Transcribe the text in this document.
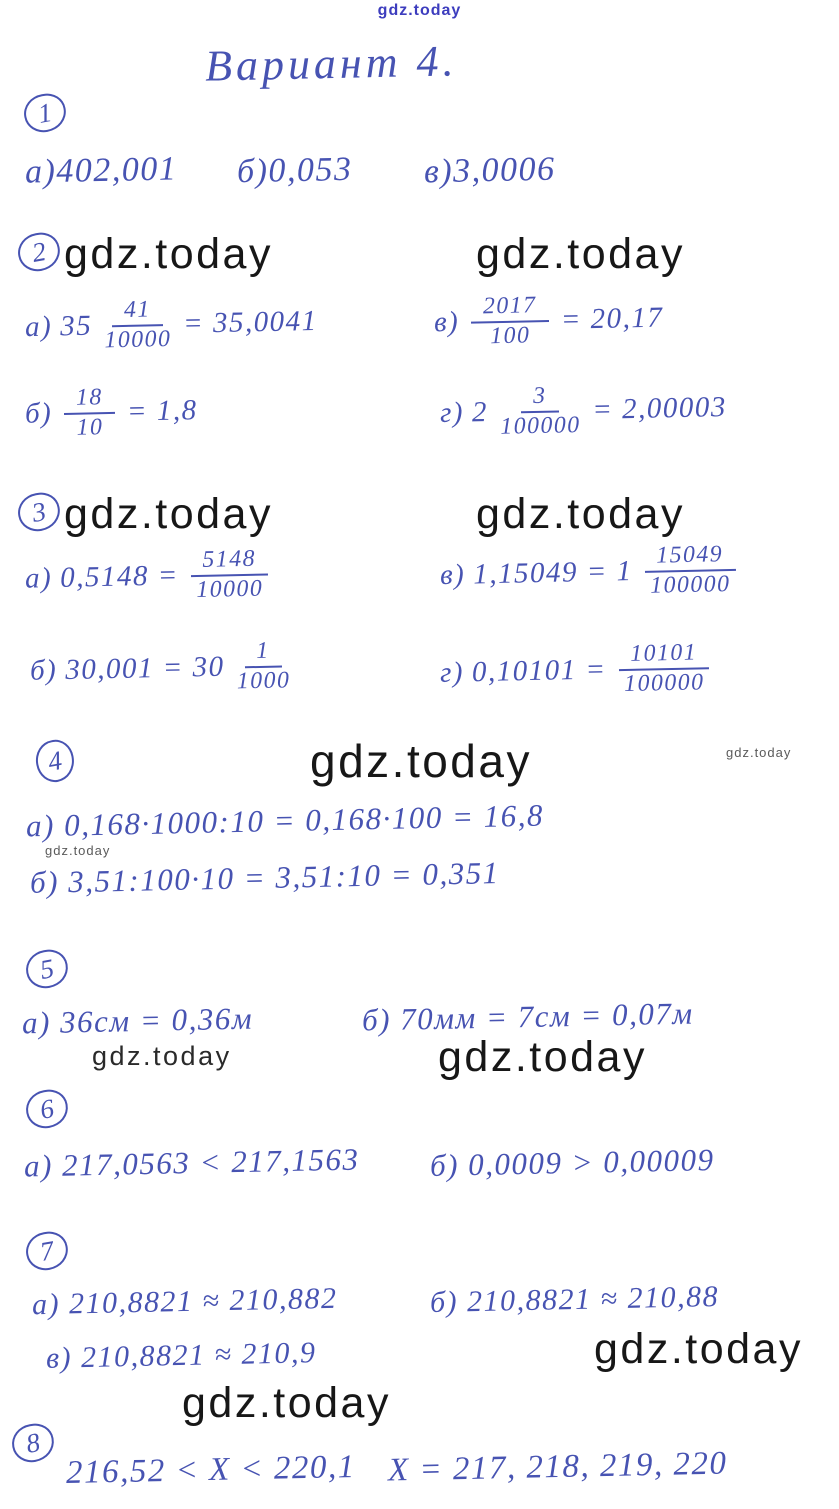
gdz.today
Вариант 4.
1
а)402,001 б)0,053 в)3,0006
2 gdz.today	gdz.today
а) $35 \frac{41}{10000} = 35,0041$	$в) \frac{2017}{100} = 20,17$
$б) \frac{18}{10} = 1,8$	г) $2 \frac{3}{100000} = 2,00003$
3 gdz.today	gdz.today
а) $0,5148 = \frac{5148}{10000}$	в) $1,15049 = 1 \frac{15049}{100000}$
б) $30,001 = 30 \frac{1}{1000}$	г) $0,10101 = \frac{10101}{100000}$
4	gdz.today	gdz.today
а) 0,168·1000:10 = 0,168·100 = 16,8
gdz.today
б) 3,51:100·10 = 3,51:10 = 0,351
5
а) 36см = 0,36м	б) 70мм = 7см = 0,07м
gdz.today	gdz.today
6
а) 217,0563 < 217,1563 б) 0,0009 > 0,00009
7
а) 210,8821 ≈ 210,882	б) 210,8821 ≈ 210,88
в) 210,8821 ≈ 210,9	gdz.today
gdz.today
8
216,52 < X < 220,1 X = 217, 218, 219, 220
